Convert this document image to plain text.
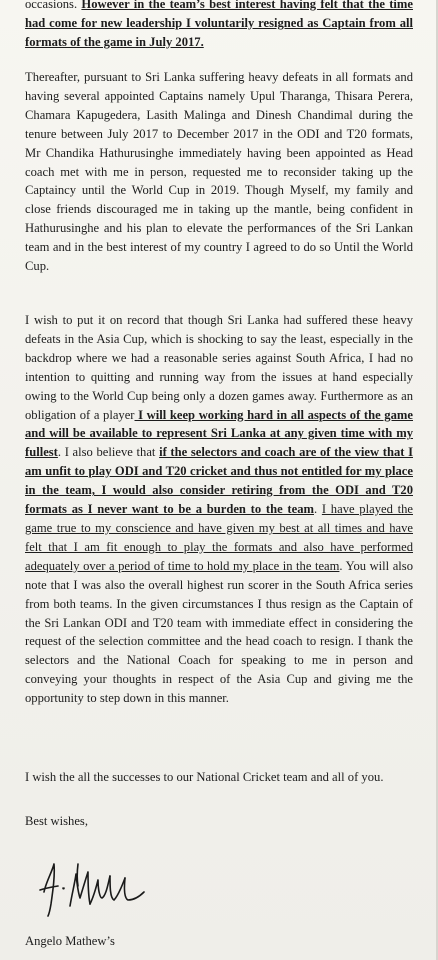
occasions. However in the team’s best interest having felt that the time had come for new leadership I voluntarily resigned as Captain from all formats of the game in July 2017.
Thereafter, pursuant to Sri Lanka suffering heavy defeats in all formats and having several appointed Captains namely Upul Tharanga, Thisara Perera, Chamara Kapugedera, Lasith Malinga and Dinesh Chandimal during the tenure between July 2017 to December 2017 in the ODI and T20 formats, Mr Chandika Hathurusinghe immediately having been appointed as Head coach met with me in person, requested me to reconsider taking up the Captaincy until the World Cup in 2019. Though Myself, my family and close friends discouraged me in taking up the mantle, being confident in Hathurusinghe and his plan to elevate the performances of the Sri Lankan team and in the best interest of my country I agreed to do so Until the World Cup.
I wish to put it on record that though Sri Lanka had suffered these heavy defeats in the Asia Cup, which is shocking to say the least, especially in the backdrop where we had a reasonable series against South Africa, I had no intention to quitting and running way from the issues at hand especially owing to the World Cup being only a dozen games away. Furthermore as an obligation of a player I will keep working hard in all aspects of the game and will be available to represent Sri Lanka at any given time with my fullest. I also believe that if the selectors and coach are of the view that I am unfit to play ODI and T20 cricket and thus not entitled for my place in the team, I would also consider retiring from the ODI and T20 formats as I never want to be a burden to the team. I have played the game true to my conscience and have given my best at all times and have felt that I am fit enough to play the formats and also have performed adequately over a period of time to hold my place in the team. You will also note that I was also the overall highest run scorer in the South Africa series from both teams. In the given circumstances I thus resign as the Captain of the Sri Lankan ODI and T20 team with immediate effect in considering the request of the selection committee and the head coach to resign. I thank the selectors and the National Coach for speaking to me in person and conveying your thoughts in respect of the Asia Cup and giving me the opportunity to step down in this manner.
I wish the all the successes to our National Cricket team and all of you.
Best wishes,
Angelo Mathew’s
